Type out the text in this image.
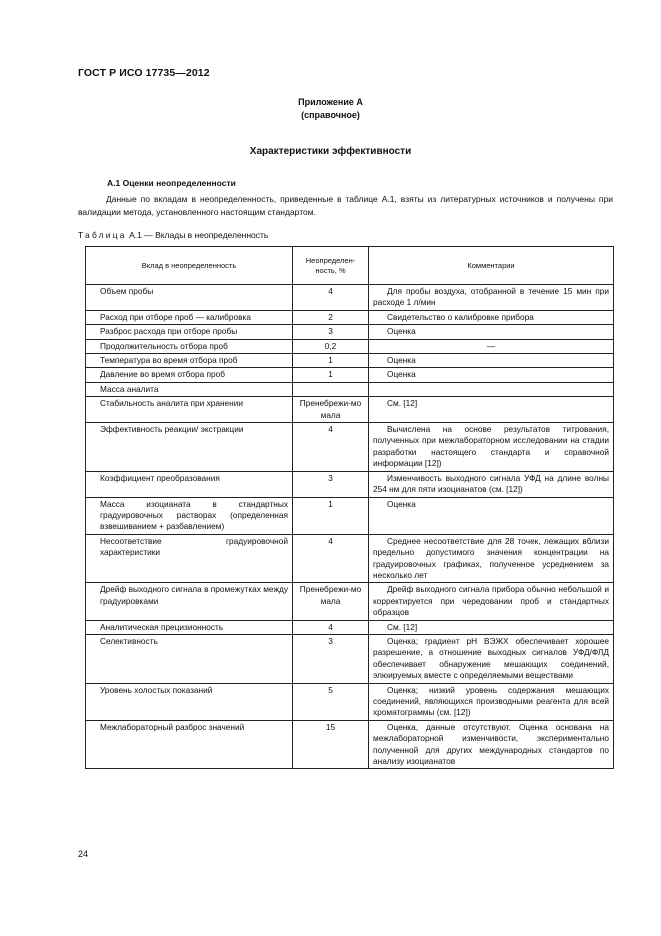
ГОСТ Р ИСО 17735—2012
Приложение А
(справочное)
Характеристики эффективности
A.1 Оценки неопределенности
Данные по вкладам в неопределенность, приведенные в таблице А.1, взяты из литературных источников и получены при валидации метода, установленного настоящим стандартом.
Таблица А.1 — Вклады в неопределенность
Вклад в неопределенность	Неопределен-ность, %	Комментарии
Объем пробы	4	Для пробы воздуха, отобранной в течение 15 мин при расходе 1 л/мин
Расход при отборе проб — калибровка	2	Свидетельство о калибровке прибора
Разброс расхода при отборе пробы	3	Оценка
Продолжительность отбора проб	0,2	—
Температура во время отбора проб	1	Оценка
Давление во время отбора проб	1	Оценка
Масса аналита		
Стабильность аналита при хранении	Пренебрежи-мо мала	См. [12]
Эффективность реакции/ экстракции	4	Вычислена на основе результатов титрования, полученных при межлабораторном исследовании на стадии разработки настоящего стандарта и справочной информации [12])
Коэффициент преобразования	3	Изменчивость выходного сигнала УФД на длине волны 254 нм для пяти изоцианатов (см. [12])
Масса изоцианата в стандартных градуировочных растворах (определенная взвешиванием + разбавлением)	1	Оценка
Несоответствие градуировочной характеристики	4	Среднее несоответствие для 28 точек, лежащих вблизи предельно допустимого значения концентрации на градуировочных графиках, полученное усреднением за несколько лет
Дрейф выходного сигнала в промежутках между градуировками	Пренебрежи-мо мала	Дрейф выходного сигнала прибора обычно небольшой и корректируется при чередовании проб и стандартных образцов
Аналитическая прецизионность	4	См. [12]
Селективность	3	Оценка; градиент рН ВЭЖХ обеспечивает хорошее разрешение, а отношение выходных сигналов УФД/ФЛД обеспечивает обнаружение мешающих соединений, элюируемых вместе с определяемыми веществами
Уровень холостых показаний	5	Оценка; низкий уровень содержания мешающих соединений, являющихся производными реагента для всей хроматограммы (см. [12])
Межлабораторный разброс значений	15	Оценка, данные отсутствуют. Оценка основана на межлабораторной изменчивости, экспериментально полученной для других международных стандартов по анализу изоцианатов
24
